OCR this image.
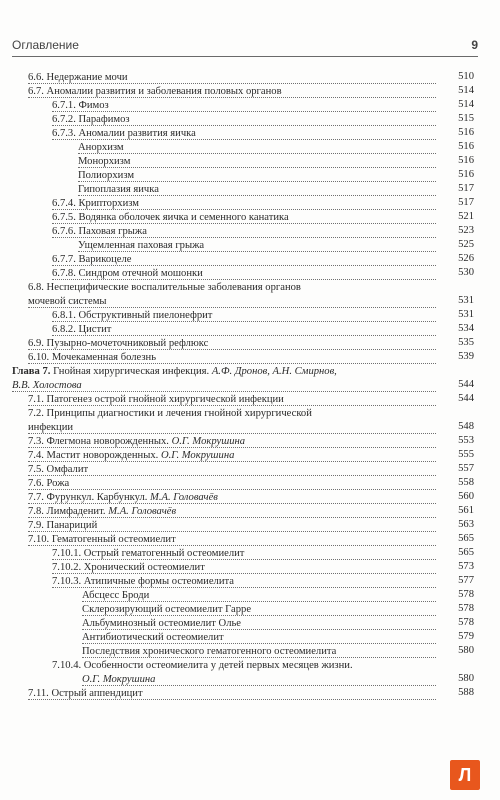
Оглавление	9
6.6. Недержание мочи	510
6.7. Аномалии развития и заболевания половых органов	514
6.7.1. Фимоз	514
6.7.2. Парафимоз	515
6.7.3. Аномалии развития яичка	516
Анорхизм	516
Монорхизм	516
Полиорхизм	516
Гипоплазия яичка	517
6.7.4. Крипторхизм	517
6.7.5. Водянка оболочек яичка и семенного канатика	521
6.7.6. Паховая грыжа	523
Ущемленная паховая грыжа	525
6.7.7. Варикоцеле	526
6.7.8. Синдром отечной мошонки	530
6.8. Неспецифические воспалительные заболевания органов
мочевой системы	531
6.8.1. Обструктивный пиелонефрит	531
6.8.2. Цистит	534
6.9. Пузырно-мочеточниковый рефлюкс	535
6.10. Мочекаменная болезнь	539
Глава 7. Гнойная хирургическая инфекция. А.Ф. Дронов, А.Н. Смирнов,
В.В. Холостова	544
7.1. Патогенез острой гнойной хирургической инфекции	544
7.2. Принципы диагностики и лечения гнойной хирургической
инфекции	548
7.3. Флегмона новорожденных. О.Г. Мокрушина	553
7.4. Мастит новорожденных. О.Г. Мокрушина	555
7.5. Омфалит	557
7.6. Рожа	558
7.7. Фурункул. Карбункул. М.А. Головачёв	560
7.8. Лимфаденит. М.А. Головачёв	561
7.9. Панариций	563
7.10. Гематогенный остеомиелит	565
7.10.1. Острый гематогенный остеомиелит	565
7.10.2. Хронический остеомиелит	573
7.10.3. Атипичные формы остеомиелита	577
Абсцесс Броди	578
Склерозирующий остеомиелит Гарре	578
Альбуминозный остеомиелит Олье	578
Антибиотический остеомиелит	579
Последствия хронического гематогенного остеомиелита	580
7.10.4. Особенности остеомиелита у детей первых месяцев жизни.
О.Г. Мокрушина	580
7.11. Острый аппендицит	588
Л
